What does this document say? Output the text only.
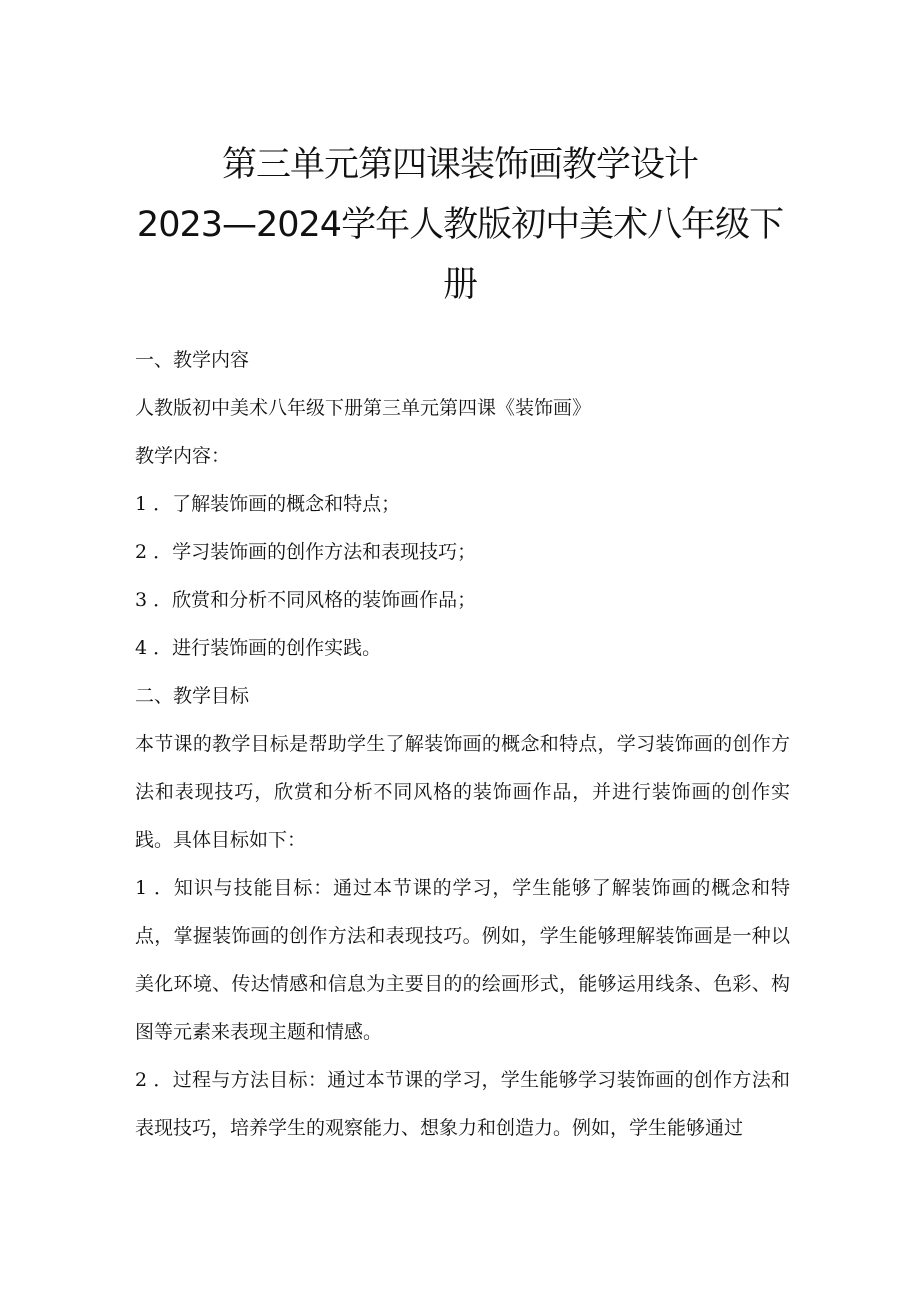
第三单元第四课装饰画教学设计
2023—2024学年人教版初中美术八年级下
册

一、教学内容

人教版初中美术八年级下册第三单元第四课《装饰画》

教学内容：

1 ．了解装饰画的概念和特点；

2 ．学习装饰画的创作方法和表现技巧；

3 ．欣赏和分析不同风格的装饰画作品；

4 ．进行装饰画的创作实践。

二、教学目标

本节课的教学目标是帮助学生了解装饰画的概念和特点，学习装饰画的创作方法和表现技巧，欣赏和分析不同风格的装饰画作品，并进行装饰画的创作实践。具体目标如下：

1 ．知识与技能目标：通过本节课的学习，学生能够了解装饰画的概念和特点，掌握装饰画的创作方法和表现技巧。例如，学生能够理解装饰画是一种以美化环境、传达情感和信息为主要目的的绘画形式，能够运用线条、色彩、构图等元素来表现主题和情感。

2 ．过程与方法目标：通过本节课的学习，学生能够学习装饰画的创作方法和表现技巧，培养学生的观察能力、想象力和创造力。例如，学生能够通过
